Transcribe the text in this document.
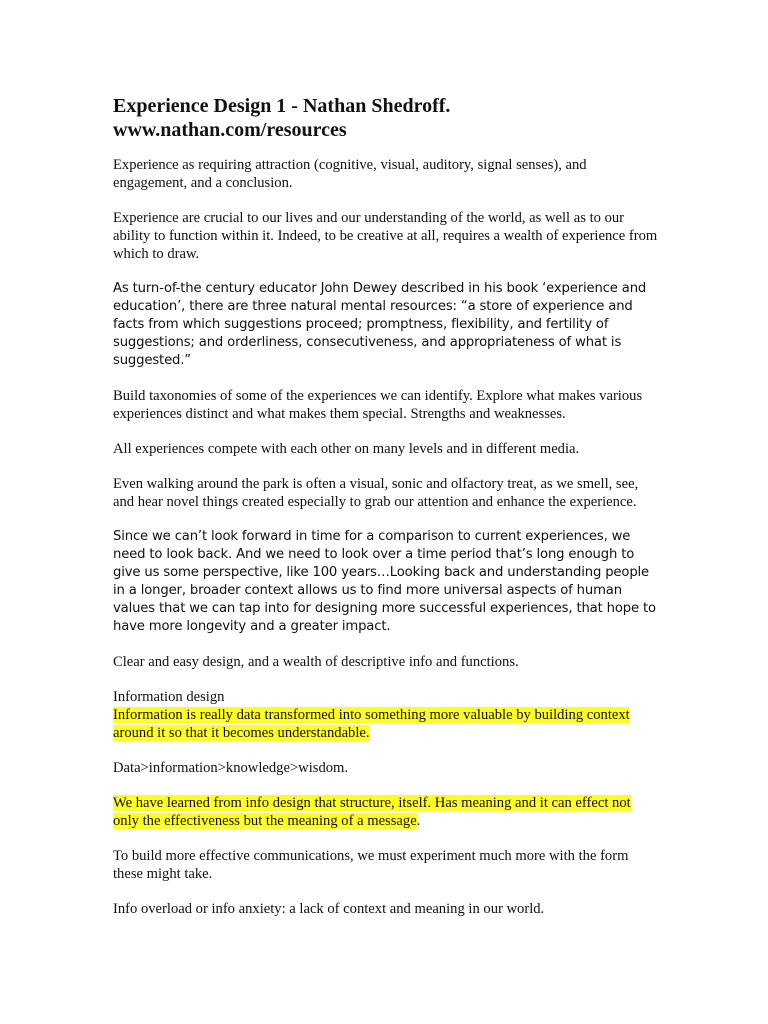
Experience Design 1 - Nathan Shedroff.
www.nathan.com/resources

Experience as requiring attraction (cognitive, visual, auditory, signal senses), and engagement, and a conclusion.

Experience are crucial to our lives and our understanding of the world, as well as to our ability to function within it. Indeed, to be creative at all, requires a wealth of experience from which to draw.

As turn-of-the century educator John Dewey described in his book ‘experience and education’, there are three natural mental resources: “a store of experience and facts from which suggestions proceed; promptness, flexibility, and fertility of suggestions; and orderliness, consecutiveness, and appropriateness of what is suggested.”

Build taxonomies of some of the experiences we can identify. Explore what makes various experiences distinct and what makes them special. Strengths and weaknesses.

All experiences compete with each other on many levels and in different media.

Even walking around the park is often a visual, sonic and olfactory treat, as we smell, see, and hear novel things created especially to grab our attention and enhance the experience.

Since we can’t look forward in time for a comparison to current experiences, we need to look back. And we need to look over a time period that’s long enough to give us some perspective, like 100 years…Looking back and understanding people in a longer, broader context allows us to find more universal aspects of human values that we can tap into for designing more successful experiences, that hope to have more longevity and a greater impact.

Clear and easy design, and a wealth of descriptive info and functions.

Information design

Information is really data transformed into something more valuable by building context around it so that it becomes understandable.

Data>information>knowledge>wisdom.

We have learned from info design that structure, itself. Has meaning and it can effect not only the effectiveness but the meaning of a message.

To build more effective communications, we must experiment much more with the form these might take.

Info overload or info anxiety: a lack of context and meaning in our world.
